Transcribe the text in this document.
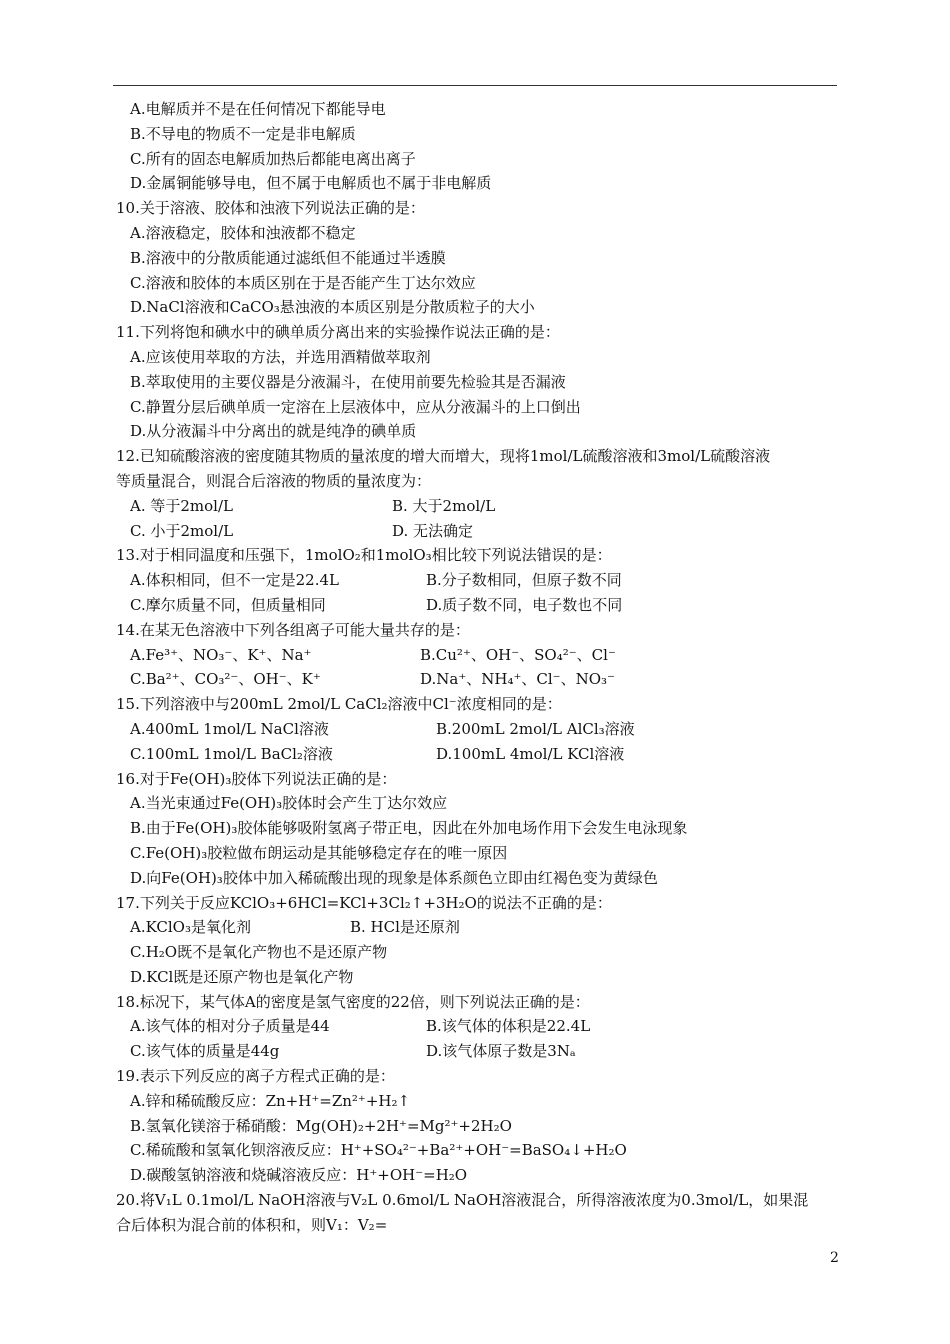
A.电解质并不是在任何情况下都能导电
B.不导电的物质不一定是非电解质
C.所有的固态电解质加热后都能电离出离子
D.金属铜能够导电，但不属于电解质也不属于非电解质
10.关于溶液、胶体和浊液下列说法正确的是：
A.溶液稳定，胶体和浊液都不稳定
B.溶液中的分散质能通过滤纸但不能通过半透膜
C.溶液和胶体的本质区别在于是否能产生丁达尔效应
D.NaCl溶液和CaCO₃悬浊液的本质区别是分散质粒子的大小
11.下列将饱和碘水中的碘单质分离出来的实验操作说法正确的是：
A.应该使用萃取的方法，并选用酒精做萃取剂
B.萃取使用的主要仪器是分液漏斗，在使用前要先检验其是否漏液
C.静置分层后碘单质一定溶在上层液体中，应从分液漏斗的上口倒出
D.从分液漏斗中分离出的就是纯净的碘单质
12.已知硫酸溶液的密度随其物质的量浓度的增大而增大，现将1mol/L硫酸溶液和3mol/L硫酸溶液
等质量混合，则混合后溶液的物质的量浓度为：
A. 等于2mol/L	B. 大于2mol/L
C. 小于2mol/L	D. 无法确定
13.对于相同温度和压强下，1molO₂和1molO₃相比较下列说法错误的是：
A.体积相同，但不一定是22.4L	B.分子数相同，但原子数不同
C.摩尔质量不同，但质量相同	D.质子数不同，电子数也不同
14.在某无色溶液中下列各组离子可能大量共存的是：
A.Fe³⁺、NO₃⁻、K⁺、Na⁺	B.Cu²⁺、OH⁻、SO₄²⁻、Cl⁻
C.Ba²⁺、CO₃²⁻、OH⁻、K⁺	D.Na⁺、NH₄⁺、Cl⁻、NO₃⁻
15.下列溶液中与200mL 2mol/L CaCl₂溶液中Cl⁻浓度相同的是：
A.400mL 1mol/L NaCl溶液	B.200mL 2mol/L AlCl₃溶液
C.100mL 1mol/L BaCl₂溶液	D.100mL 4mol/L KCl溶液
16.对于Fe(OH)₃胶体下列说法正确的是：
A.当光束通过Fe(OH)₃胶体时会产生丁达尔效应
B.由于Fe(OH)₃胶体能够吸附氢离子带正电，因此在外加电场作用下会发生电泳现象
C.Fe(OH)₃胶粒做布朗运动是其能够稳定存在的唯一原因
D.向Fe(OH)₃胶体中加入稀硫酸出现的现象是体系颜色立即由红褐色变为黄绿色
17.下列关于反应KClO₃+6HCl=KCl+3Cl₂↑+3H₂O的说法不正确的是：
A.KClO₃是氧化剂	B. HCl是还原剂
C.H₂O既不是氧化产物也不是还原产物
D.KCl既是还原产物也是氧化产物
18.标况下，某气体A的密度是氢气密度的22倍，则下列说法正确的是：
A.该气体的相对分子质量是44	B.该气体的体积是22.4L
C.该气体的质量是44g	D.该气体原子数是3Nₐ
19.表示下列反应的离子方程式正确的是：
A.锌和稀硫酸反应：Zn+H⁺=Zn²⁺+H₂↑
B.氢氧化镁溶于稀硝酸：Mg(OH)₂+2H⁺=Mg²⁺+2H₂O
C.稀硫酸和氢氧化钡溶液反应：H⁺+SO₄²⁻+Ba²⁺+OH⁻=BaSO₄↓+H₂O
D.碳酸氢钠溶液和烧碱溶液反应：H⁺+OH⁻=H₂O
20.将V₁L 0.1mol/L NaOH溶液与V₂L 0.6mol/L NaOH溶液混合，所得溶液浓度为0.3mol/L，如果混
合后体积为混合前的体积和，则V₁：V₂=
2
